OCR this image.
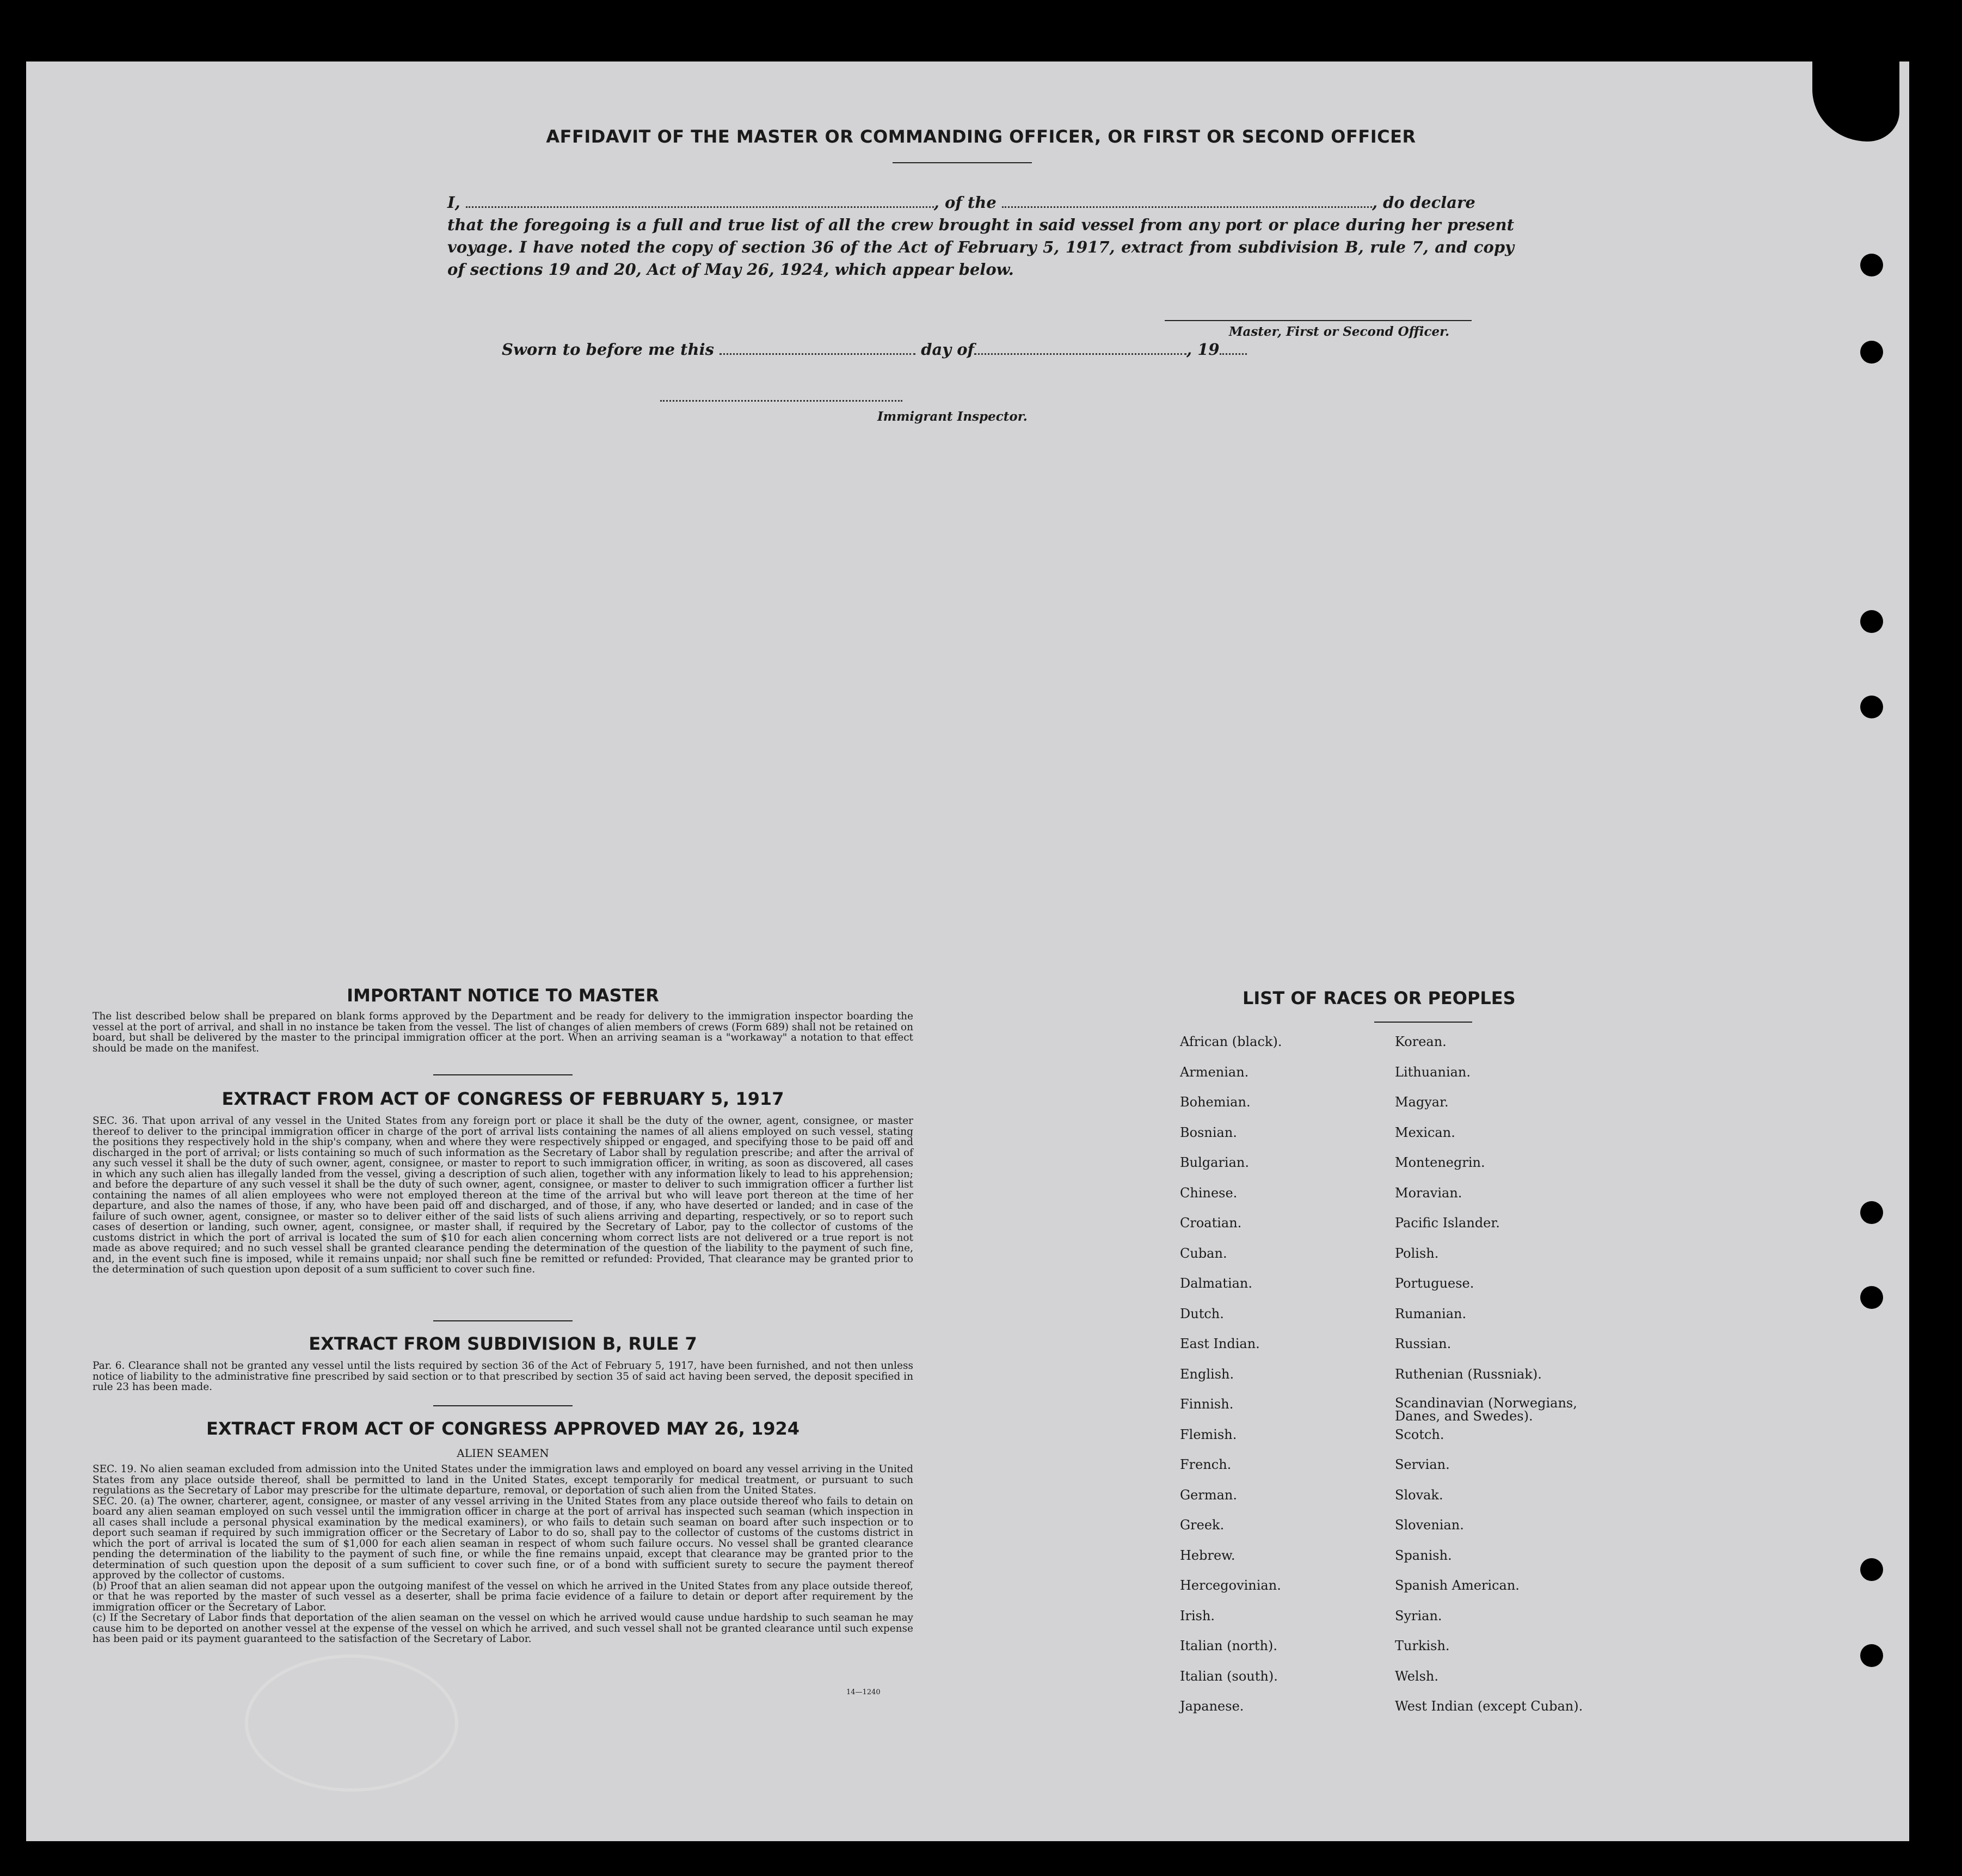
AFFIDAVIT OF THE MASTER OR COMMANDING OFFICER, OR FIRST OR SECOND OFFICER
I,	, of the	, do declare
that the foregoing is a full and true list of all the crew brought in said vessel from any port or place during her present voyage. I have noted the copy of section 36 of the Act of February 5, 1917, extract from subdivision B, rule 7, and copy of sections 19 and 20, Act of May 26, 1924, which appear below.
Master, First or Second Officer.
Sworn to before me this	day of	, 19
Immigrant Inspector.
IMPORTANT NOTICE TO MASTER
The list described below shall be prepared on blank forms approved by the Department and be ready for delivery to the immigration inspector boarding the vessel at the port of arrival, and shall in no instance be taken from the vessel. The list of changes of alien members of crews (Form 689) shall not be retained on board, but shall be delivered by the master to the principal immigration officer at the port. When an arriving seaman is a "workaway" a notation to that effect should be made on the manifest.
EXTRACT FROM ACT OF CONGRESS OF FEBRUARY 5, 1917
SEC. 36. That upon arrival of any vessel in the United States from any foreign port or place it shall be the duty of the owner, agent, consignee, or master thereof to deliver to the principal immigration officer in charge of the port of arrival lists containing the names of all aliens employed on such vessel, stating the positions they respectively hold in the ship's company, when and where they were respectively shipped or engaged, and specifying those to be paid off and discharged in the port of arrival; or lists containing so much of such information as the Secretary of Labor shall by regulation prescribe; and after the arrival of any such vessel it shall be the duty of such owner, agent, consignee, or master to report to such immigration officer, in writing, as soon as discovered, all cases in which any such alien has illegally landed from the vessel, giving a description of such alien, together with any information likely to lead to his apprehension; and before the departure of any such vessel it shall be the duty of such owner, agent, consignee, or master to deliver to such immigration officer a further list containing the names of all alien employees who were not employed thereon at the time of the arrival but who will leave port thereon at the time of her departure, and also the names of those, if any, who have been paid off and discharged, and of those, if any, who have deserted or landed; and in case of the failure of such owner, agent, consignee, or master so to deliver either of the said lists of such aliens arriving and departing, respectively, or so to report such cases of desertion or landing, such owner, agent, consignee, or master shall, if required by the Secretary of Labor, pay to the collector of customs of the customs district in which the port of arrival is located the sum of $10 for each alien concerning whom correct lists are not delivered or a true report is not made as above required; and no such vessel shall be granted clearance pending the determination of the question of the liability to the payment of such fine, and, in the event such fine is imposed, while it remains unpaid; nor shall such fine be remitted or refunded: Provided, That clearance may be granted prior to the determination of such question upon deposit of a sum sufficient to cover such fine.
EXTRACT FROM SUBDIVISION B, RULE 7
Par. 6. Clearance shall not be granted any vessel until the lists required by section 36 of the Act of February 5, 1917, have been furnished, and not then unless notice of liability to the administrative fine prescribed by said section or to that prescribed by section 35 of said act having been served, the deposit specified in rule 23 has been made.
EXTRACT FROM ACT OF CONGRESS APPROVED MAY 26, 1924
ALIEN SEAMEN
SEC. 19. No alien seaman excluded from admission into the United States under the immigration laws and employed on board any vessel arriving in the United States from any place outside thereof, shall be permitted to land in the United States, except temporarily for medical treatment, or pursuant to such regulations as the Secretary of Labor may prescribe for the ultimate departure, removal, or deportation of such alien from the United States.
SEC. 20. (a) The owner, charterer, agent, consignee, or master of any vessel arriving in the United States from any place outside thereof who fails to detain on board any alien seaman employed on such vessel until the immigration officer in charge at the port of arrival has inspected such seaman (which inspection in all cases shall include a personal physical examination by the medical examiners), or who fails to detain such seaman on board after such inspection or to deport such seaman if required by such immigration officer or the Secretary of Labor to do so, shall pay to the collector of customs of the customs district in which the port of arrival is located the sum of $1,000 for each alien seaman in respect of whom such failure occurs. No vessel shall be granted clearance pending the determination of the liability to the payment of such fine, or while the fine remains unpaid, except that clearance may be granted prior to the determination of such question upon the deposit of a sum sufficient to cover such fine, or of a bond with sufficient surety to secure the payment thereof approved by the collector of customs.
(b) Proof that an alien seaman did not appear upon the outgoing manifest of the vessel on which he arrived in the United States from any place outside thereof, or that he was reported by the master of such vessel as a deserter, shall be prima facie evidence of a failure to detain or deport after requirement by the immigration officer or the Secretary of Labor.
(c) If the Secretary of Labor finds that deportation of the alien seaman on the vessel on which he arrived would cause undue hardship to such seaman he may cause him to be deported on another vessel at the expense of the vessel on which he arrived, and such vessel shall not be granted clearance until such expense has been paid or its payment guaranteed to the satisfaction of the Secretary of Labor.
14—1240
LIST OF RACES OR PEOPLES
African (black).
Armenian.
Bohemian.
Bosnian.
Bulgarian.
Chinese.
Croatian.
Cuban.
Dalmatian.
Dutch.
East Indian.
English.
Finnish.
Flemish.
French.
German.
Greek.
Hebrew.
Hercegovinian.
Irish.
Italian (north).
Italian (south).
Japanese.
Korean.
Lithuanian.
Magyar.
Mexican.
Montenegrin.
Moravian.
Pacific Islander.
Polish.
Portuguese.
Rumanian.
Russian.
Ruthenian (Russniak).
Scandinavian (Norwegians, Danes, and Swedes).
Scotch.
Servian.
Slovak.
Slovenian.
Spanish.
Spanish American.
Syrian.
Turkish.
Welsh.
West Indian (except Cuban).
